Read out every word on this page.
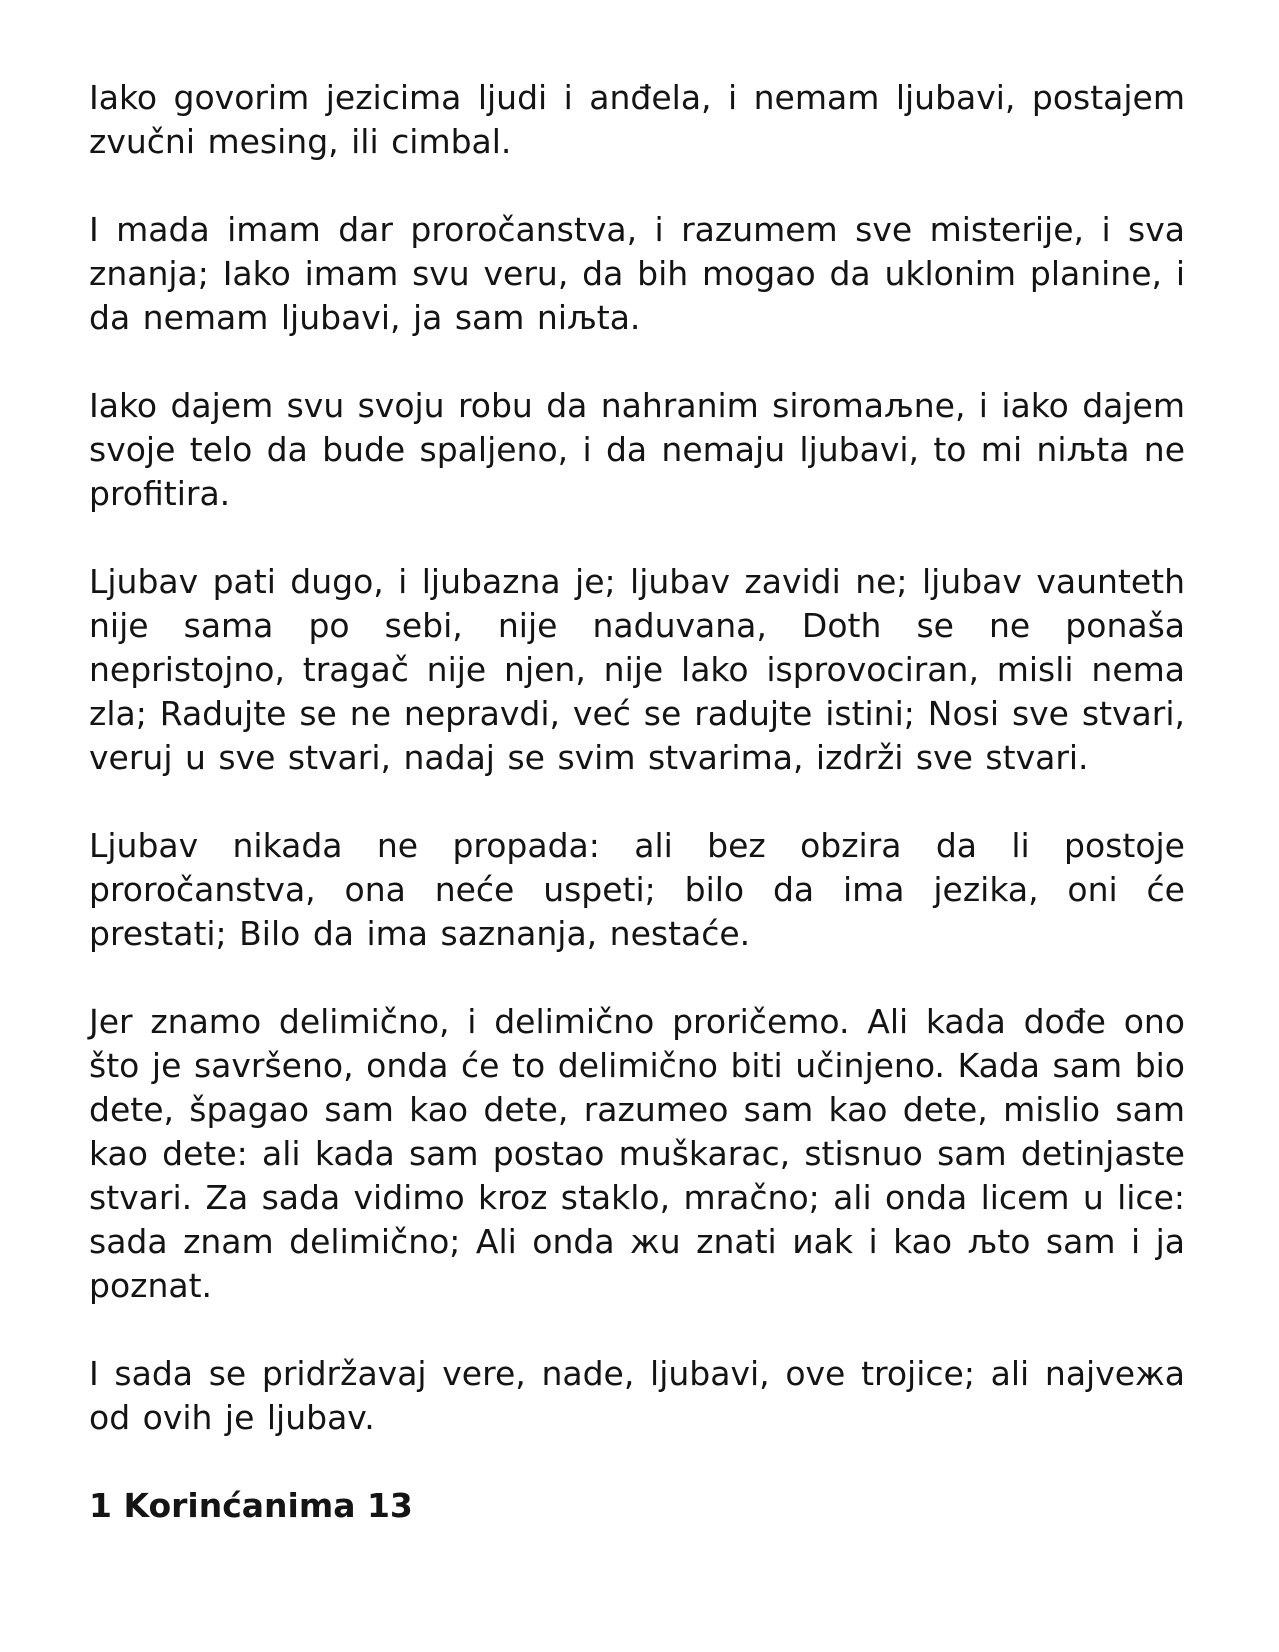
Iako govorim jezicima ljudi i anđela, i nemam ljubavi, postajem zvučni mesing, ili cimbal.

I mada imam dar proročanstva, i razumem sve misterije, i sva znanja; Iako imam svu veru, da bih mogao da uklonim planine, i da nemam ljubavi, ja sam niљta.

Iako dajem svu svoju robu da nahranim siromaљne, i iako dajem svoje telo da bude spaljeno, i da nemaju ljubavi, to mi niљta ne profitira.

Ljubav pati dugo, i ljubazna je; ljubav zavidi ne; ljubav vaunteth nije sama po sebi, nije naduvana, Doth se ne ponaša nepristojno, tragač nije njen, nije lako isprovociran, misli nema zla; Radujte se ne nepravdi, već se radujte istini; Nosi sve stvari, veruj u sve stvari, nadaj se svim stvarima, izdrži sve stvari.

Ljubav nikada ne propada: ali bez obzira da li postoje proročanstva, ona neće uspeti; bilo da ima jezika, oni će prestati; Bilo da ima saznanja, nestaće.

Jer znamo delimično, i delimično proričemo. Ali kada dođe ono što je savršeno, onda će to delimično biti učinjeno. Kada sam bio dete, špagao sam kao dete, razumeo sam kao dete, mislio sam kao dete: ali kada sam postao muškarac, stisnuo sam detinjaste stvari. Za sada vidimo kroz staklo, mračno; ali onda licem u lice: sada znam delimično; Ali onda жu znati иak i kao љto sam i ja poznat.

I sada se pridržavaj vere, nade, ljubavi, ove trojice; ali najveжa od ovih je ljubav.

1 Korinćanima 13
